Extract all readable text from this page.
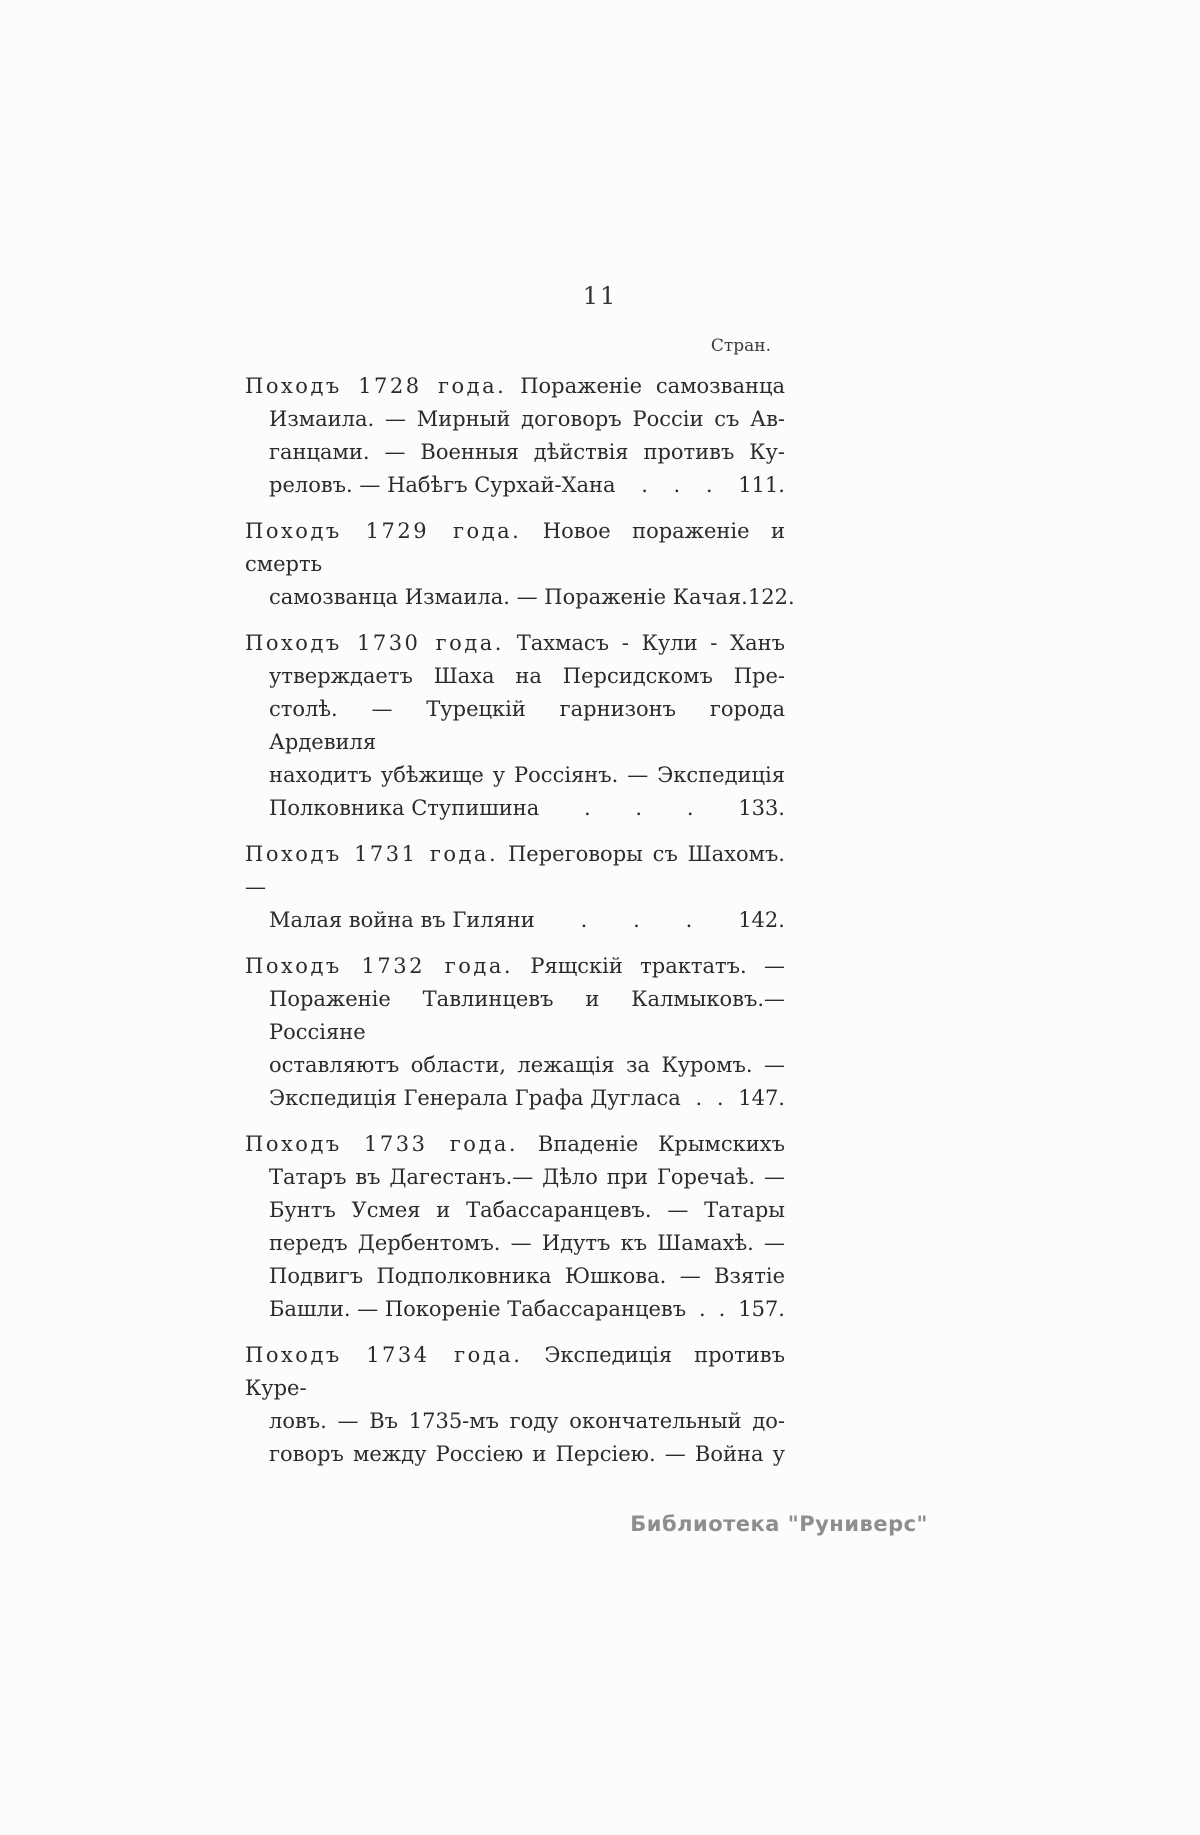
11
Стран.
Походъ 1728 года. Пораженіе самозванца
Измаила. — Мирный договоръ Россіи съ Ав-
ганцами. — Военныя дѣйствія противъ Ку-
реловъ. — Набѣгъ Сурхай-Хана . . . 111.
Походъ 1729 года. Новое пораженіе и смерть
самозванца Измаила. — Пораженіе Качая . 122.
Походъ 1730 года. Тахмасъ - Кули - Ханъ
утверждаетъ Шаха на Персидскомъ Пре-
столѣ. — Турецкій гарнизонъ города Ардевиля
находитъ убѣжище у Россіянъ. — Экспедиція
Полковника Ступишина . . . 133.
Походъ 1731 года. Переговоры съ Шахомъ.—
Малая война въ Гиляни . . . 142.
Походъ 1732 года. Рящскій трактатъ. —
Пораженіе Тавлинцевъ и Калмыковъ.— Россіяне
оставляютъ области, лежащія за Куромъ. —
Экспедиція Генерала Графа Дугласа . . 147.
Походъ 1733 года. Впаденіе Крымскихъ
Татаръ въ Дагестанъ.— Дѣло при Горечаѣ. —
Бунтъ Усмея и Табассаранцевъ. — Татары
передъ Дербентомъ. — Идутъ къ Шамахѣ. —
Подвигъ Подполковника Юшкова. — Взятіе
Башли. — Покореніе Табассаранцевъ . . 157.
Походъ 1734 года. Экспедиція противъ Куре-
ловъ. — Въ 1735-мъ году окончательный до-
говоръ между Россіею и Персіею. — Война у
Библиотека "Руниверс"
